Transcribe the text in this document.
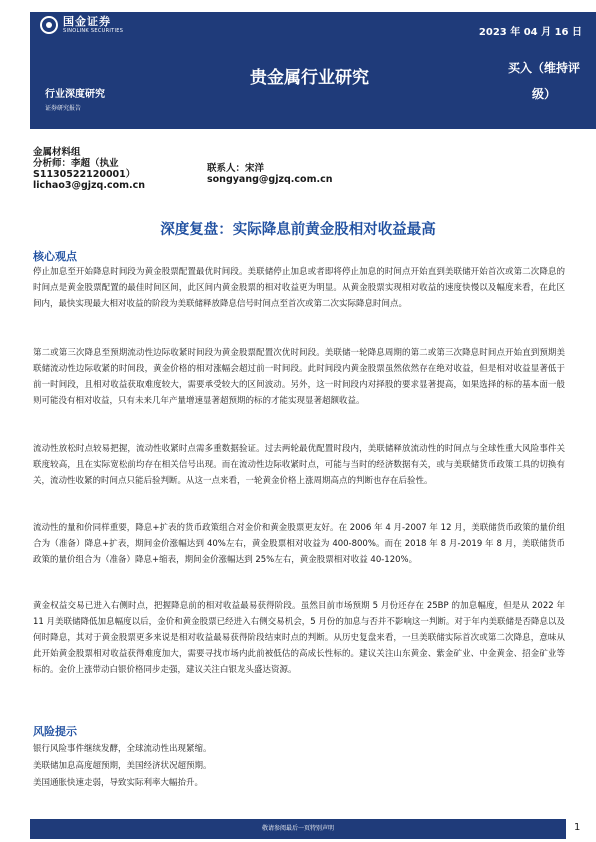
国金证券
SINOLINK SECURITIES	2023 年 04 月 16 日
贵金属行业研究	买入（维持评级）
行业深度研究
证券研究报告
金属材料组
分析师：李超（执业
S1130522120001）
lichao3@gjzq.com.cn
联系人：宋洋
songyang@gjzq.com.cn
深度复盘：实际降息前黄金股相对收益最高
核心观点

停止加息至开始降息时间段为黄金股票配置最优时间段。美联储停止加息或者即将停止加息的时间点开始直到美联储开始首次或第二次降息的时间点是黄金股票配置的最佳时间区间，此区间内黄金股票的相对收益更为明显。从黄金股票实现相对收益的速度快慢以及幅度来看，在此区间内，最快实现最大相对收益的阶段为美联储释放降息信号时间点至首次或第二次实际降息时间点。

第二或第三次降息至预期流动性边际收紧时间段为黄金股票配置次优时间段。美联储一轮降息周期的第二或第三次降息时间点开始直到预期美联储流动性边际收紧的时间段，黄金价格的相对涨幅会超过前一时间段。此时间段内黄金股票虽然依然存在绝对收益，但是相对收益显著低于前一时间段，且相对收益获取难度较大，需要承受较大的区间波动。另外，这一时间段内对择股的要求显著提高，如果选择的标的基本面一般则可能没有相对收益，只有未来几年产量增速显著超预期的标的才能实现显著超额收益。

流动性放松时点较易把握，流动性收紧时点需多重数据验证。过去两轮最优配置时段内，美联储释放流动性的时间点与全球性重大风险事件关联度较高，且在实际宽松前均存在相关信号出现。而在流动性边际收紧时点，可能与当时的经济数据有关，或与美联储货币政策工具的切换有关，流动性收紧的时间点只能后验判断。从这一点来看，一轮黄金价格上涨周期高点的判断也存在后验性。

流动性的量和价同样重要，降息+扩表的货币政策组合对金价和黄金股票更友好。在 2006 年 4 月-2007 年 12 月，美联储货币政策的量价组合为（准备）降息+扩表，期间金价涨幅达到 40%左右，黄金股票相对收益为 400-800%。而在 2018 年 8 月-2019 年 8 月，美联储货币政策的量价组合为（准备）降息+缩表，期间金价涨幅达到 25%左右，黄金股票相对收益 40-120%。

黄金权益交易已进入右侧时点，把握降息前的相对收益最易获得阶段。虽然目前市场预期 5 月份还存在 25BP 的加息幅度，但是从 2022 年 11 月美联储降低加息幅度以后，金价和黄金股票已经进入右侧交易机会，5 月份的加息与否并不影响这一判断。对于年内美联储是否降息以及何时降息，其对于黄金股票更多来说是相对收益最易获得阶段结束时点的判断。从历史复盘来看，一旦美联储实际首次或第二次降息，意味从此开始黄金股票相对收益获得难度加大，需要寻找市场内此前被低估的高成长性标的。建议关注山东黄金、紫金矿业、中金黄金、招金矿业等标的。金价上涨带动白银价格同步走强，建议关注白银龙头盛达资源。

风险提示
银行风险事件继续发酵，全球流动性出现紧缩。
美联储加息高度超预期，美国经济状况超预期。
美国通胀快速走弱，导致实际利率大幅抬升。
敬请参阅最后一页特别声明	1
